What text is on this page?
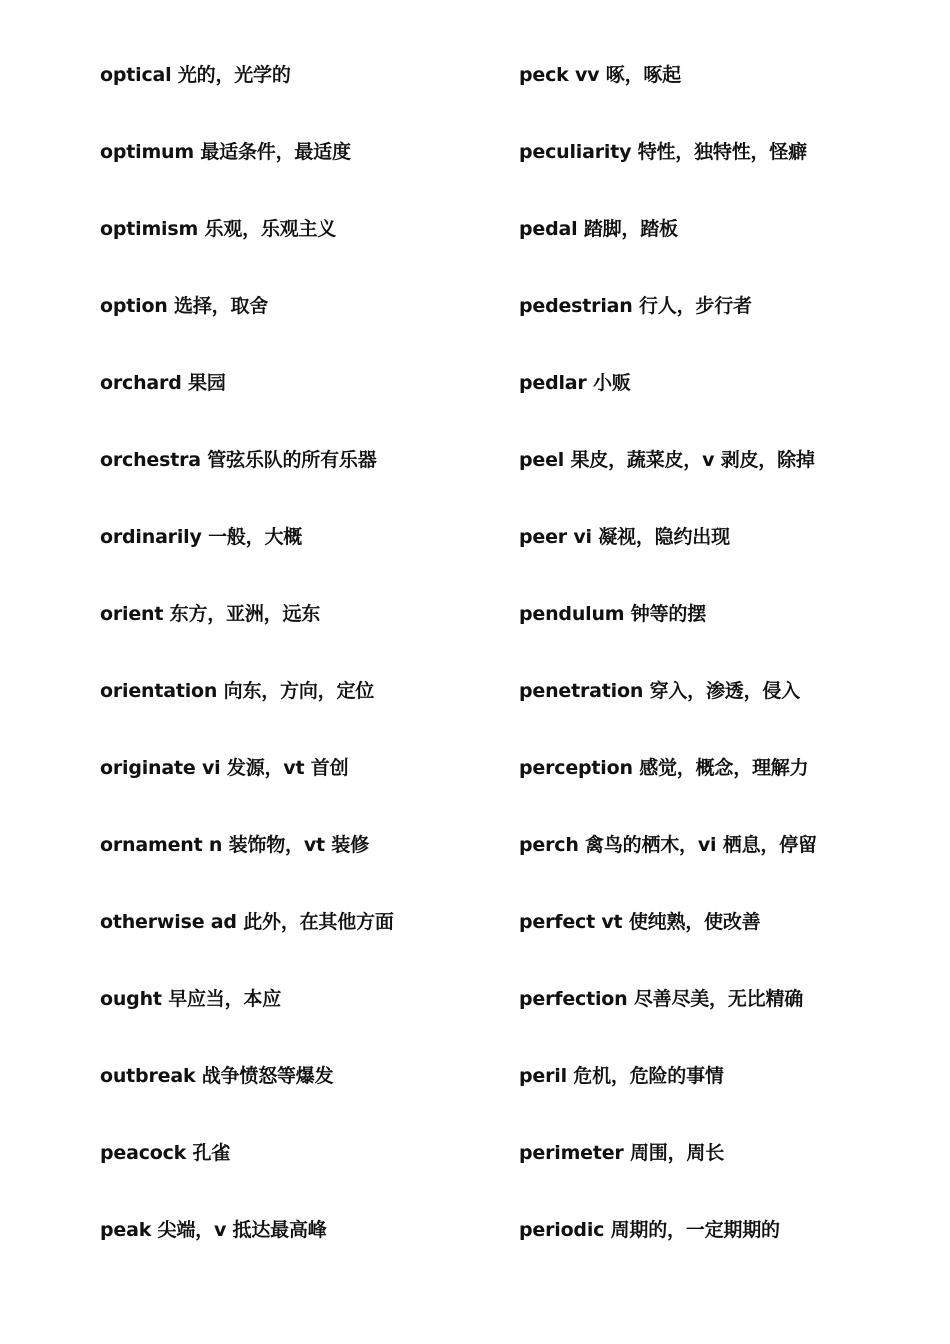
optical 光的，光学的
optimum 最适条件，最适度
optimism 乐观，乐观主义
option 选择，取舍
orchard 果园
orchestra 管弦乐队的所有乐器
ordinarily 一般，大概
orient 东方，亚洲，远东
orientation 向东，方向，定位
originate vi 发源，vt 首创
ornament n 装饰物，vt 装修
otherwise ad 此外，在其他方面
ought 早应当，本应
outbreak 战争愤怒等爆发
peacock 孔雀
peak 尖端，v 抵达最高峰
peck vv 啄，啄起
peculiarity 特性，独特性，怪癖
pedal 踏脚，踏板
pedestrian 行人，步行者
pedlar 小贩
peel 果皮，蔬菜皮，v 剥皮，除掉
peer vi 凝视，隐约出现
pendulum 钟等的摆
penetration 穿入，渗透，侵入
perception 感觉，概念，理解力
perch 禽鸟的栖木，vi 栖息，停留
perfect vt 使纯熟，使改善
perfection 尽善尽美，无比精确
peril 危机，危险的事情
perimeter 周围，周长
periodic 周期的，一定期期的
